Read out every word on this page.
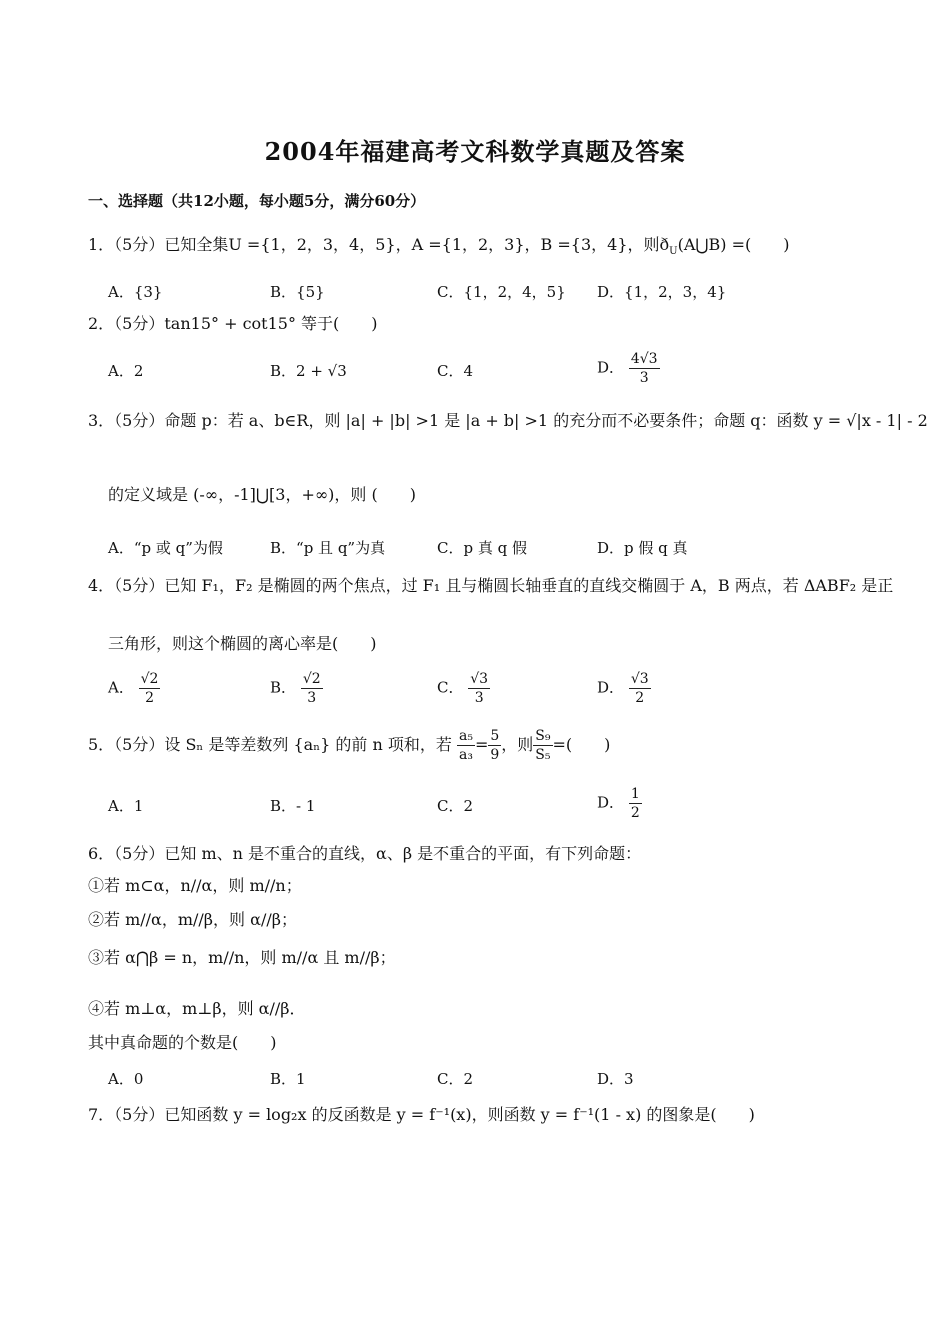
2004年福建高考文科数学真题及答案
一、选择题（共12小题，每小题5分，满分60分）
1．（5分）已知全集U ={1，2，3，4，5}，A ={1，2，3}，B ={3，4}，则$ð_U(A⋃B)$ =(　　)
A．{3}	B．{5}	C．{1，2，4，5} D．{1，2，3，4}
2．（5分）tan15° + cot15° 等于(　　)
A．2	B．2 + √3	C．4	D． $\frac{4√3}{3}$
3．（5分）命题 p：若 a、b∈R，则 |a| + |b| >1 是 |a + b| >1 的充分而不必要条件；命题 q：函数 y = √|x - 1| - 2
的定义域是 (-∞，-1]⋃[3，+∞)，则 (　　)
A．“p 或 q”为假	B．“p 且 q”为真	C．p 真 q 假	D．p 假 q 真
4．（5分）已知 F₁，F₂ 是椭圆的两个焦点，过 F₁ 且与椭圆长轴垂直的直线交椭圆于 A，B 两点，若 ΔABF₂ 是正
三角形，则这个椭圆的离心率是(　　)
A． $\frac{√2}{2}$	B． $\frac{√2}{3}$	C． $\frac{√3}{3}$	D． $\frac{√3}{2}$
5．（5分）设 Sₙ 是等差数列 {aₙ} 的前 n 项和，若 $\frac{\text{a₅}}{\text{a₃}} = \frac{5}{9}$ ，则 $\frac{\text{S₉}}{\text{S₅}}$ =(　　)
A．1	B．- 1	C．2	D． $\frac{1}{2}$
6．（5分）已知 m、n 是不重合的直线，α、β 是不重合的平面，有下列命题：
①若 m⊂α，n//α，则 m//n；
②若 m//α，m//β，则 α//β；
③若 α⋂β = n，m//n，则 m//α 且 m//β；
④若 m⊥α，m⊥β，则 α//β．
其中真命题的个数是(　　)
A．0	B．1	C．2	D．3
7．（5分）已知函数 y = log₂x 的反函数是 y = f⁻¹(x)，则函数 y = f⁻¹(1 - x) 的图象是(　　)
